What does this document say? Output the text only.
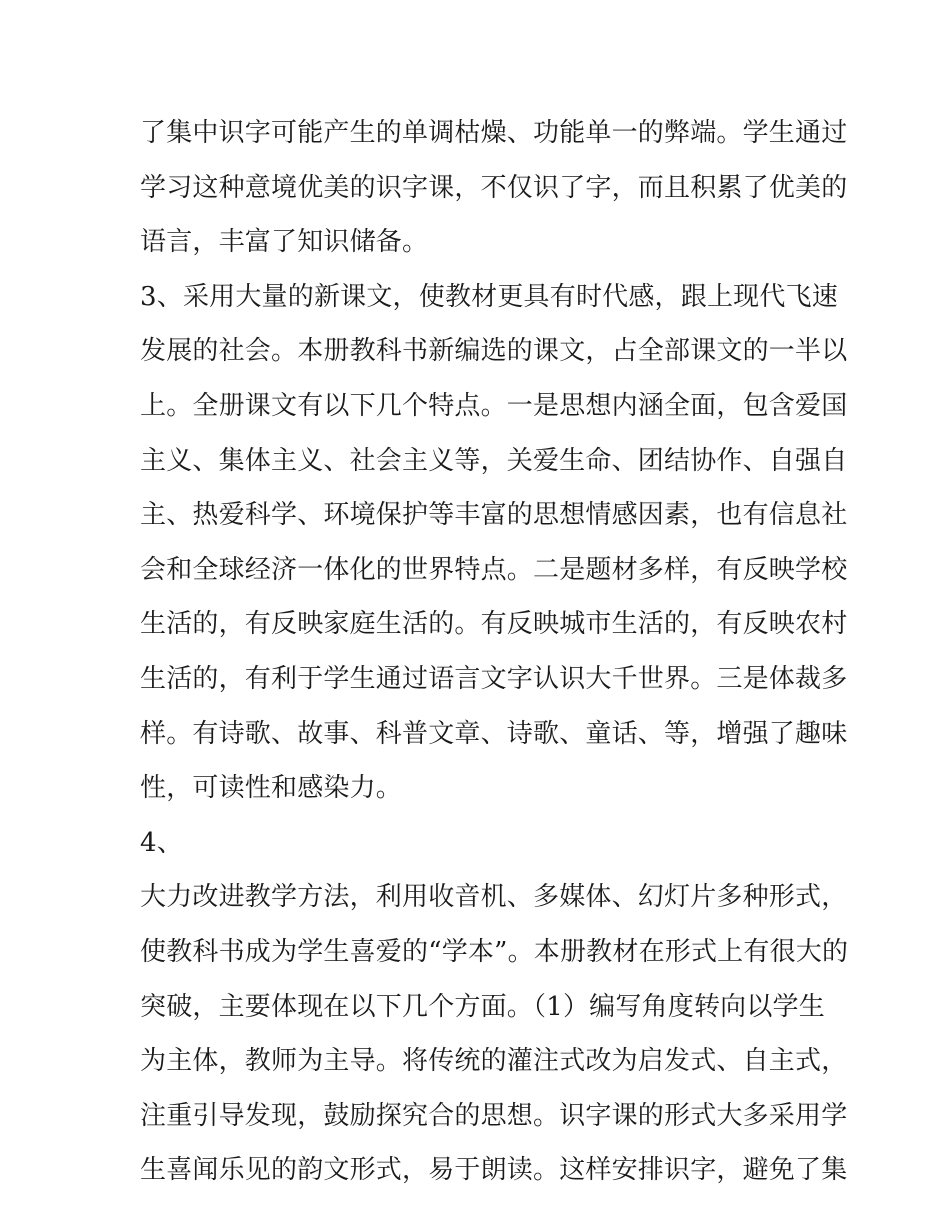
了集中识字可能产生的单调枯燥、功能单一的弊端。学生通过
学习这种意境优美的识字课，不仅识了字，而且积累了优美的
语言，丰富了知识储备。
3、采用大量的新课文，使教材更具有时代感，跟上现代飞速
发展的社会。本册教科书新编选的课文，占全部课文的一半以
上。全册课文有以下几个特点。一是思想内涵全面，包含爱国
主义、集体主义、社会主义等，关爱生命、团结协作、自强自
主、热爱科学、环境保护等丰富的思想情感因素，也有信息社
会和全球经济一体化的世界特点。二是题材多样，有反映学校
生活的，有反映家庭生活的。有反映城市生活的，有反映农村
生活的，有利于学生通过语言文字认识大千世界。三是体裁多
样。有诗歌、故事、科普文章、诗歌、童话、等，增强了趣味
性，可读性和感染力。
4、
大力改进教学方法，利用收音机、多媒体、幻灯片多种形式，
使教科书成为学生喜爱的“学本”。本册教材在形式上有很大的
突破，主要体现在以下几个方面。（1）编写角度转向以学生
为主体，教师为主导。将传统的灌注式改为启发式、自主式，
注重引导发现，鼓励探究合的思想。识字课的形式大多采用学
生喜闻乐见的韵文形式，易于朗读。这样安排识字，避免了集
